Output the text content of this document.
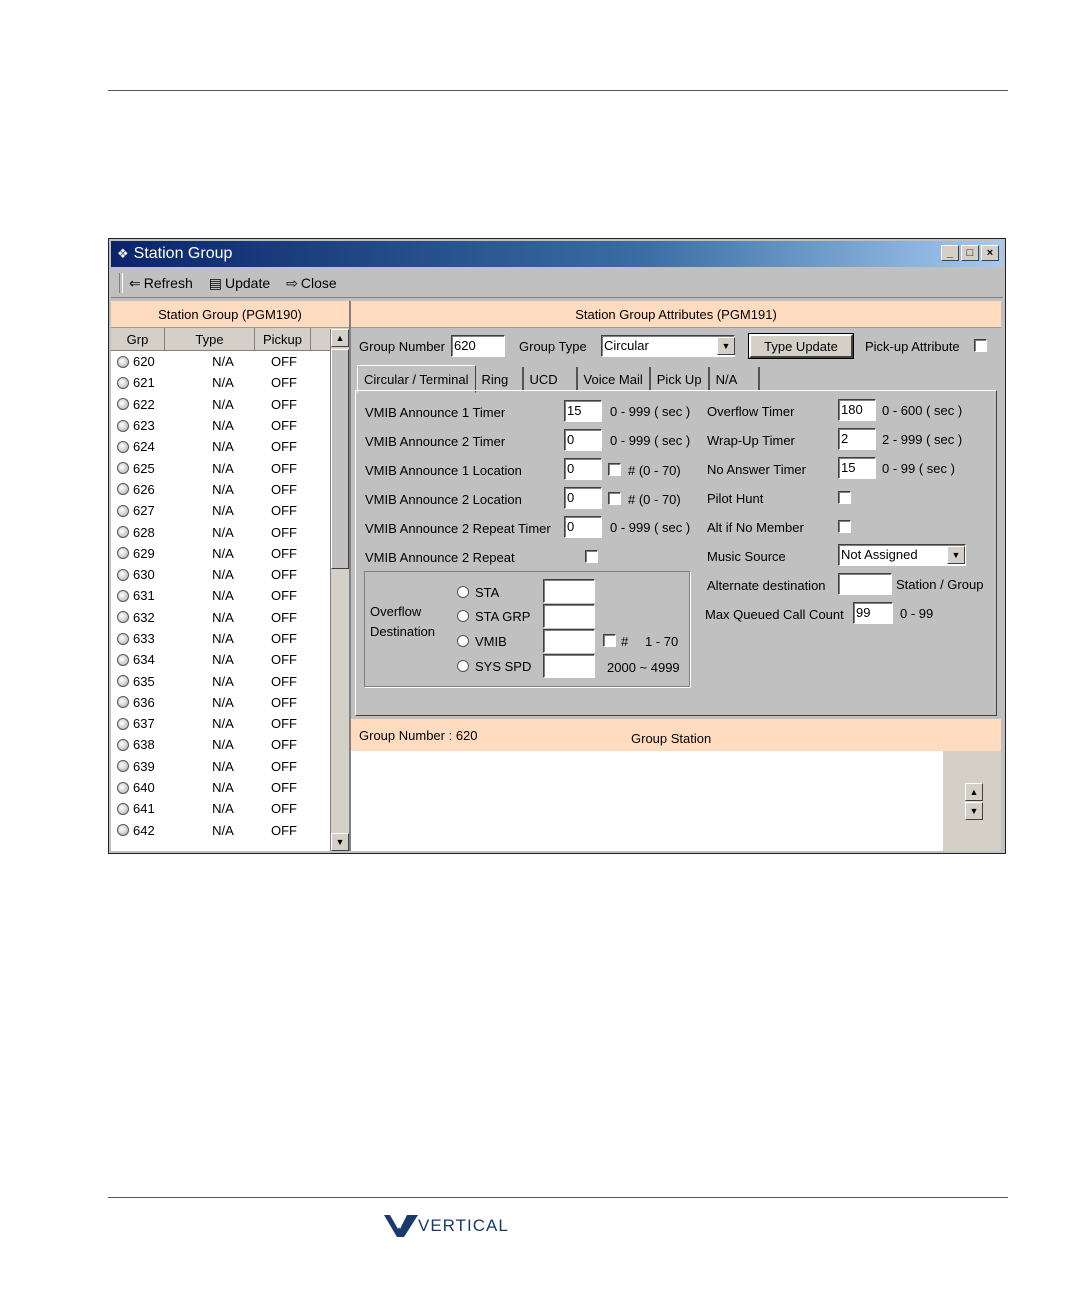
❖ Station Group	_	□	×
⇐ Refresh ▤ Update ⇨ Close
Station Group (PGM190)
Grp	Type	Pickup
620	N/A	OFF
621	N/A	OFF
622	N/A	OFF
623	N/A	OFF
624	N/A	OFF
625	N/A	OFF
626	N/A	OFF
627	N/A	OFF
628	N/A	OFF
629	N/A	OFF
630	N/A	OFF
631	N/A	OFF
632	N/A	OFF
633	N/A	OFF
634	N/A	OFF
635	N/A	OFF
636	N/A	OFF
637	N/A	OFF
638	N/A	OFF
639	N/A	OFF
640	N/A	OFF
641	N/A	OFF
642	N/A	OFF
▲
▼
Station Group Attributes (PGM191)
Group Number 620	Group Type Circular	▼	Type Update	Pick-up Attribute
Circular / Terminal	Ring	UCD	Voice Mail	Pick Up	N/A
VMIB Announce 1 Timer	15	0 - 999 ( sec )
VMIB Announce 2 Timer	0	0 - 999 ( sec )
VMIB Announce 1 Location	0	# (0 - 70)
VMIB Announce 2 Location	0	# (0 - 70)
VMIB Announce 2 Repeat Timer 0	0 - 999 ( sec )
VMIB Announce 2 Repeat
Overflow
Destination
STA
STA GRP
VMIB	# 1 - 70
SYS SPD	2000 ~ 4999
Overflow Timer	180	0 - 600 ( sec )
Wrap-Up Timer	2	2 - 999 ( sec )
No Answer Timer	15	0 - 99 ( sec )
Pilot Hunt
Alt if No Member
Music Source	Not Assigned	▼
Alternate destination	Station / Group
Max Queued Call Count 99	0 - 99
Group Number : 620	Group Station
▲
▼
VERTICAL
